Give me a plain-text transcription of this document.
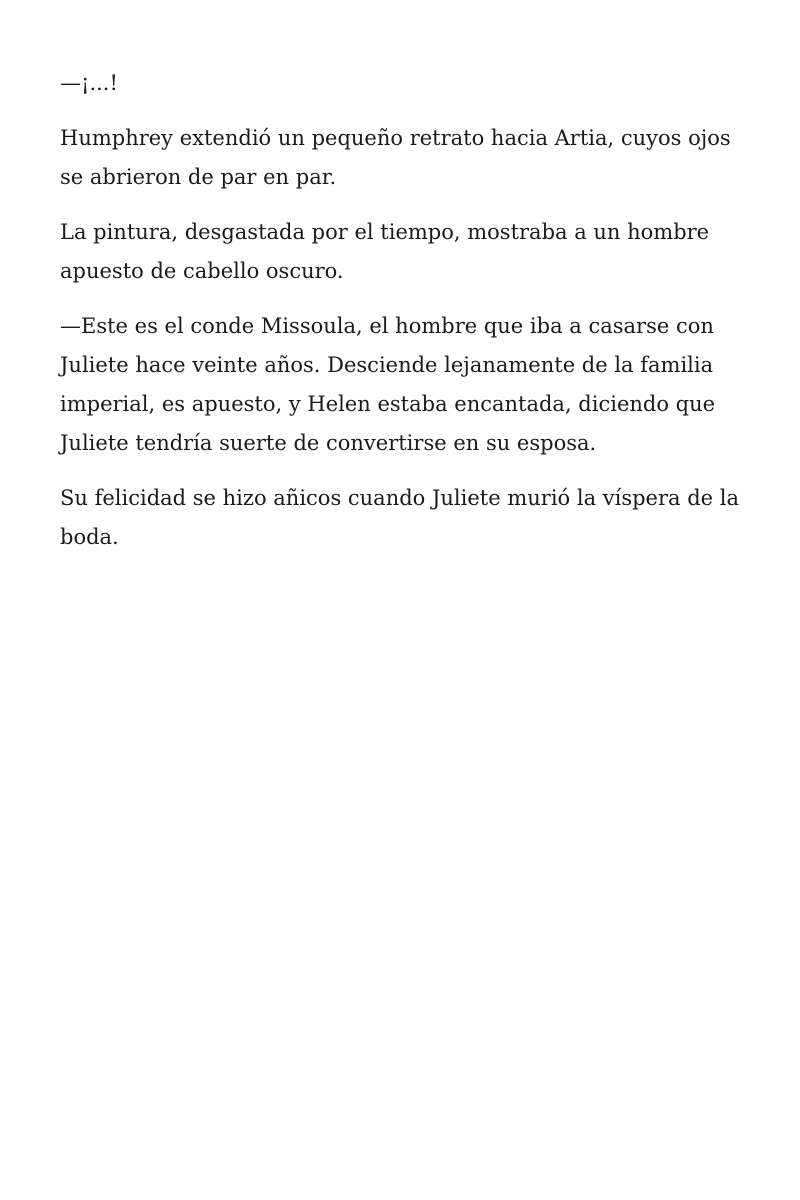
—¡...!

Humphrey extendió un pequeño retrato hacia Artia, cuyos ojos se abrieron de par en par.

La pintura, desgastada por el tiempo, mostraba a un hombre apuesto de cabello oscuro.

—Este es el conde Missoula, el hombre que iba a casarse con Juliete hace veinte años. Desciende lejanamente de la familia imperial, es apuesto, y Helen estaba encantada, diciendo que Juliete tendría suerte de convertirse en su esposa.

Su felicidad se hizo añicos cuando Juliete murió la víspera de la boda.
